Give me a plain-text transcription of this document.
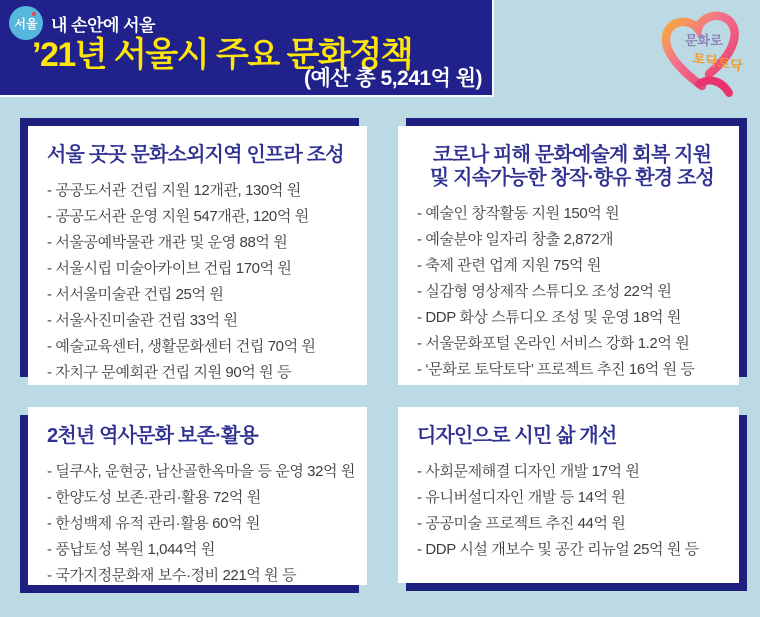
서울 내 손안에 서울
’21년 서울시 주요 문화정책
(예산 총 5,241억 원)
문화로
토닥토닥
서울 곳곳 문화소외지역 인프라 조성
- 공공도서관 건립 지원 12개관, 130억 원
- 공공도서관 운영 지원 547개관, 120억 원
- 서울공예박물관 개관 및 운영 88억 원
- 서울시립 미술아카이브 건립 170억 원
- 서서울미술관 건립 25억 원
- 서울사진미술관 건립 33억 원
- 예술교육센터, 생활문화센터 건립 70억 원
- 자치구 문예회관 건립 지원 90억 원 등
코로나 피해 문화예술계 회복 지원
및 지속가능한 창작·향유 환경 조성
- 예술인 창작활동 지원 150억 원
- 예술분야 일자리 창출 2,872개
- 축제 관련 업계 지원 75억 원
- 실감형 영상제작 스튜디오 조성 22억 원
- DDP 화상 스튜디오 조성 및 운영 18억 원
- 서울문화포털 온라인 서비스 강화 1.2억 원
- ‘문화로 토닥토닥’ 프로젝트 추진 16억 원 등
2천년 역사문화 보존·활용
- 딜쿠샤, 운현궁, 남산골한옥마을 등 운영 32억 원
- 한양도성 보존·관리·활용 72억 원
- 한성백제 유적 관리·활용 60억 원
- 풍납토성 복원 1,044억 원
- 국가지정문화재 보수·정비 221억 원 등
디자인으로 시민 삶 개선
- 사회문제해결 디자인 개발 17억 원
- 유니버설디자인 개발 등 14억 원
- 공공미술 프로젝트 추진 44억 원
- DDP 시설 개보수 및 공간 리뉴얼 25억 원 등
